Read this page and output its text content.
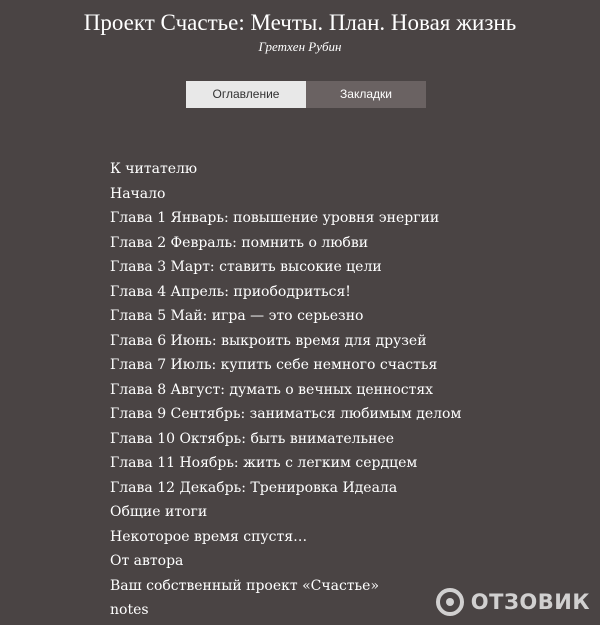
Проект Счастье: Мечты. План. Новая жизнь
Гретхен Рубин
Оглавление	Закладки
К читателю
Начало
Глава 1 Январь: повышение уровня энергии
Глава 2 Февраль: помнить о любви
Глава 3 Март: ставить высокие цели
Глава 4 Апрель: приободриться!
Глава 5 Май: игра — это серьезно
Глава 6 Июнь: выкроить время для друзей
Глава 7 Июль: купить себе немного счастья
Глава 8 Август: думать о вечных ценностях
Глава 9 Сентябрь: заниматься любимым делом
Глава 10 Октябрь: быть внимательнее
Глава 11 Ноябрь: жить с легким сердцем
Глава 12 Декабрь: Тренировка Идеала
Общие итоги
Некоторое время спустя…
От автора
Ваш собственный проект «Счастье»
notes	ОТЗОВИК
